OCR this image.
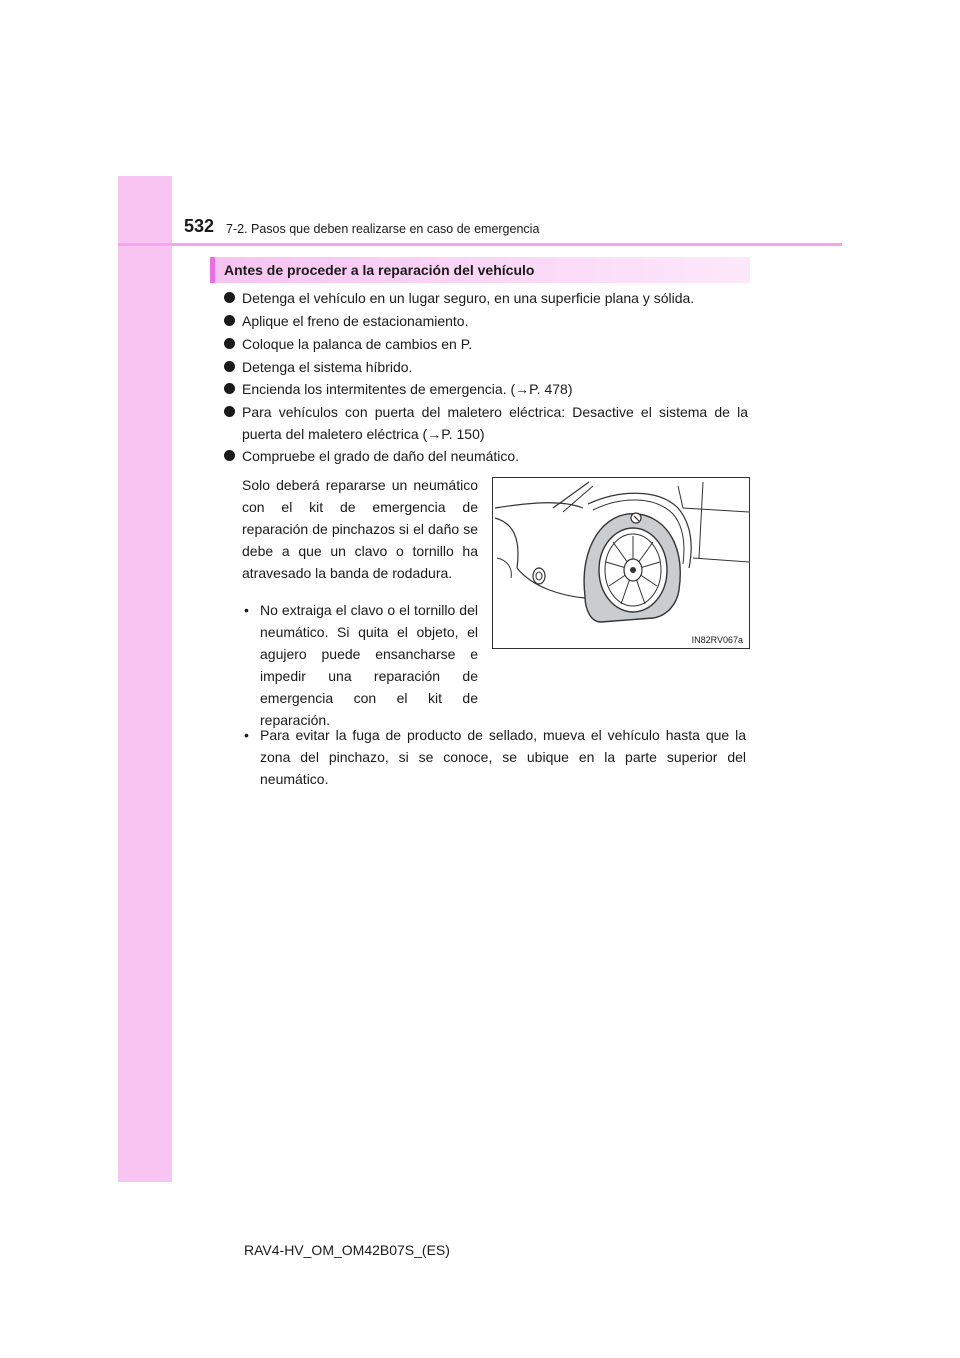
532 7-2. Pasos que deben realizarse en caso de emergencia
Antes de proceder a la reparación del vehículo
Detenga el vehículo en un lugar seguro, en una superficie plana y sólida.
Aplique el freno de estacionamiento.
Coloque la palanca de cambios en P.
Detenga el sistema híbrido.
Encienda los intermitentes de emergencia. (→P. 478)
Para vehículos con puerta del maletero eléctrica: Desactive el sistema de la puerta del maletero eléctrica (→P. 150)
Compruebe el grado de daño del neumático.
Solo deberá repararse un neumático con el kit de emergencia de reparación de pinchazos si el daño se debe a que un clavo o tornillo ha atravesado la banda de rodadura.
• No extraiga el clavo o el tornillo del neumático. Si quita el objeto, el agujero puede ensancharse e impedir una reparación de emergencia con el kit de reparación.
• Para evitar la fuga de producto de sellado, mueva el vehículo hasta que la zona del pinchazo, si se conoce, se ubique en la parte superior del neumático.
IN82RV067a
RAV4-HV_OM_OM42B07S_(ES)
